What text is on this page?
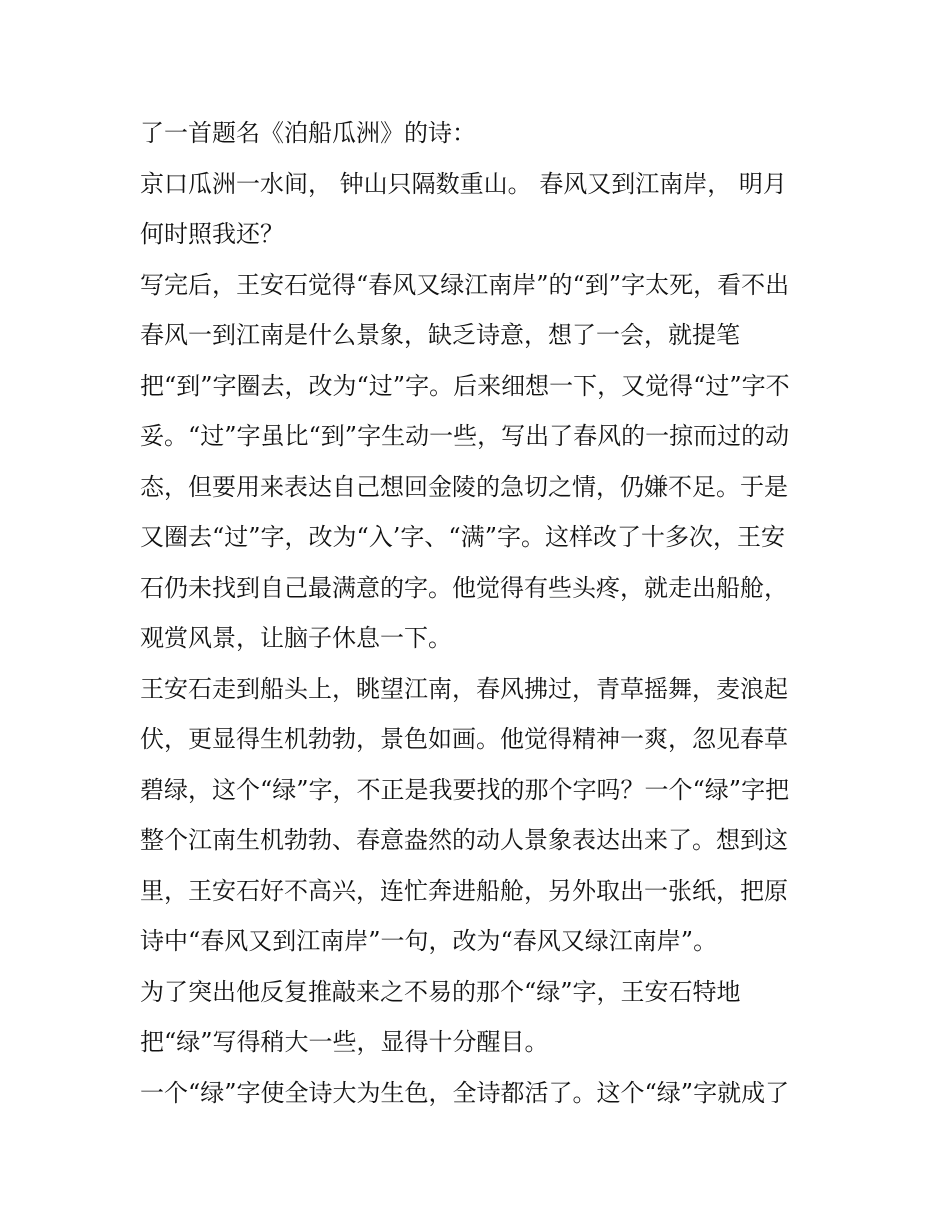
了一首题名《泊船瓜洲》的诗：
京口瓜洲一水间， 钟山只隔数重山。 春风又到江南岸， 明月
何时照我还？
写完后，王安石觉得“春风又绿江南岸”的“到”字太死，看不出
春风一到江南是什么景象，缺乏诗意，想了一会，就提笔
把“到”字圈去，改为“过”字。后来细想一下，又觉得“过”字不
妥。“过”字虽比“到”字生动一些，写出了春风的一掠而过的动
态，但要用来表达自己想回金陵的急切之情，仍嫌不足。于是
又圈去“过”字，改为“入’字、“满”字。这样改了十多次，王安
石仍未找到自己最满意的字。他觉得有些头疼，就走出船舱，
观赏风景，让脑子休息一下。
王安石走到船头上，眺望江南，春风拂过，青草摇舞，麦浪起
伏，更显得生机勃勃，景色如画。他觉得精神一爽，忽见春草
碧绿，这个“绿”字，不正是我要找的那个字吗？一个“绿”字把
整个江南生机勃勃、春意盎然的动人景象表达出来了。想到这
里，王安石好不高兴，连忙奔进船舱，另外取出一张纸，把原
诗中“春风又到江南岸”一句，改为“春风又绿江南岸”。
为了突出他反复推敲来之不易的那个“绿”字，王安石特地
把“绿”写得稍大一些，显得十分醒目。
一个“绿”字使全诗大为生色，全诗都活了。这个“绿”字就成了
